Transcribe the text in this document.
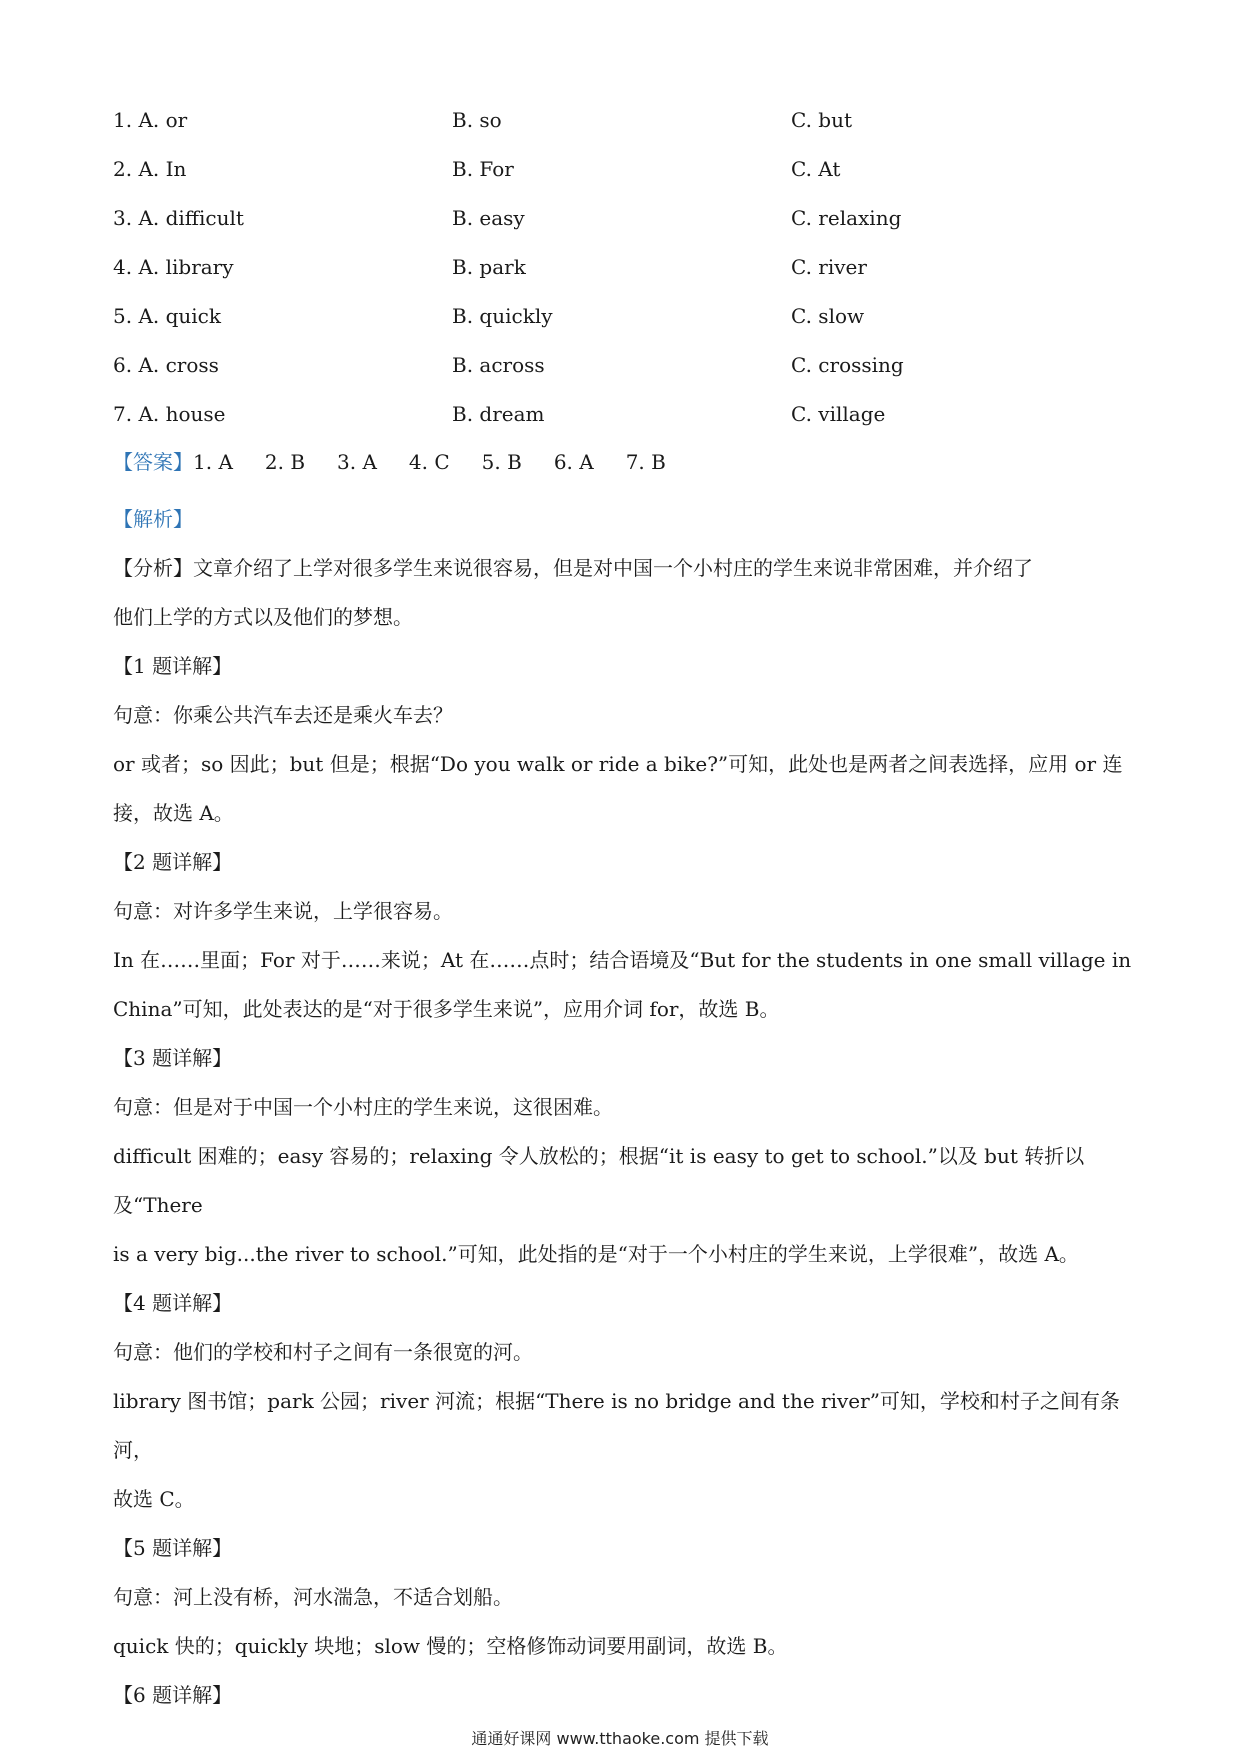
1. A. or	B. so	C. but
2. A. In	B. For	C. At
3. A. difficult	B. easy	C. relaxing
4. A. library	B. park	C. river
5. A. quick	B. quickly	C. slow
6. A. cross	B. across	C. crossing
7. A. house	B. dream	C. village
【答案】1. A 2. B 3. A 4. C 5. B 6. A 7. B

【解析】

【分析】文章介绍了上学对很多学生来说很容易，但是对中国一个小村庄的学生来说非常困难，并介绍了

他们上学的方式以及他们的梦想。

【1 题详解】

句意：你乘公共汽车去还是乘火车去？

or 或者；so 因此；but 但是；根据“Do you walk or ride a bike?”可知，此处也是两者之间表选择，应用 or 连

接，故选 A。

【2 题详解】

句意：对许多学生来说，上学很容易。

In 在……里面；For 对于……来说；At 在……点时；结合语境及“But for the students in one small village in

China”可知，此处表达的是“对于很多学生来说”，应用介词 for，故选 B。

【3 题详解】

句意：但是对于中国一个小村庄的学生来说，这很困难。

difficult 困难的；easy 容易的；relaxing 令人放松的；根据“it is easy to get to school.”以及 but 转折以及“There

is a very big...the river to school.”可知，此处指的是“对于一个小村庄的学生来说，上学很难”，故选 A。

【4 题详解】

句意：他们的学校和村子之间有一条很宽的河。

library 图书馆；park 公园；river 河流；根据“There is no bridge and the river”可知，学校和村子之间有条河，

故选 C。

【5 题详解】

句意：河上没有桥，河水湍急，不适合划船。

quick 快的；quickly 块地；slow 慢的；空格修饰动词要用副词，故选 B。

【6 题详解】

通通好课网 www.tthaoke.com 提供下载
